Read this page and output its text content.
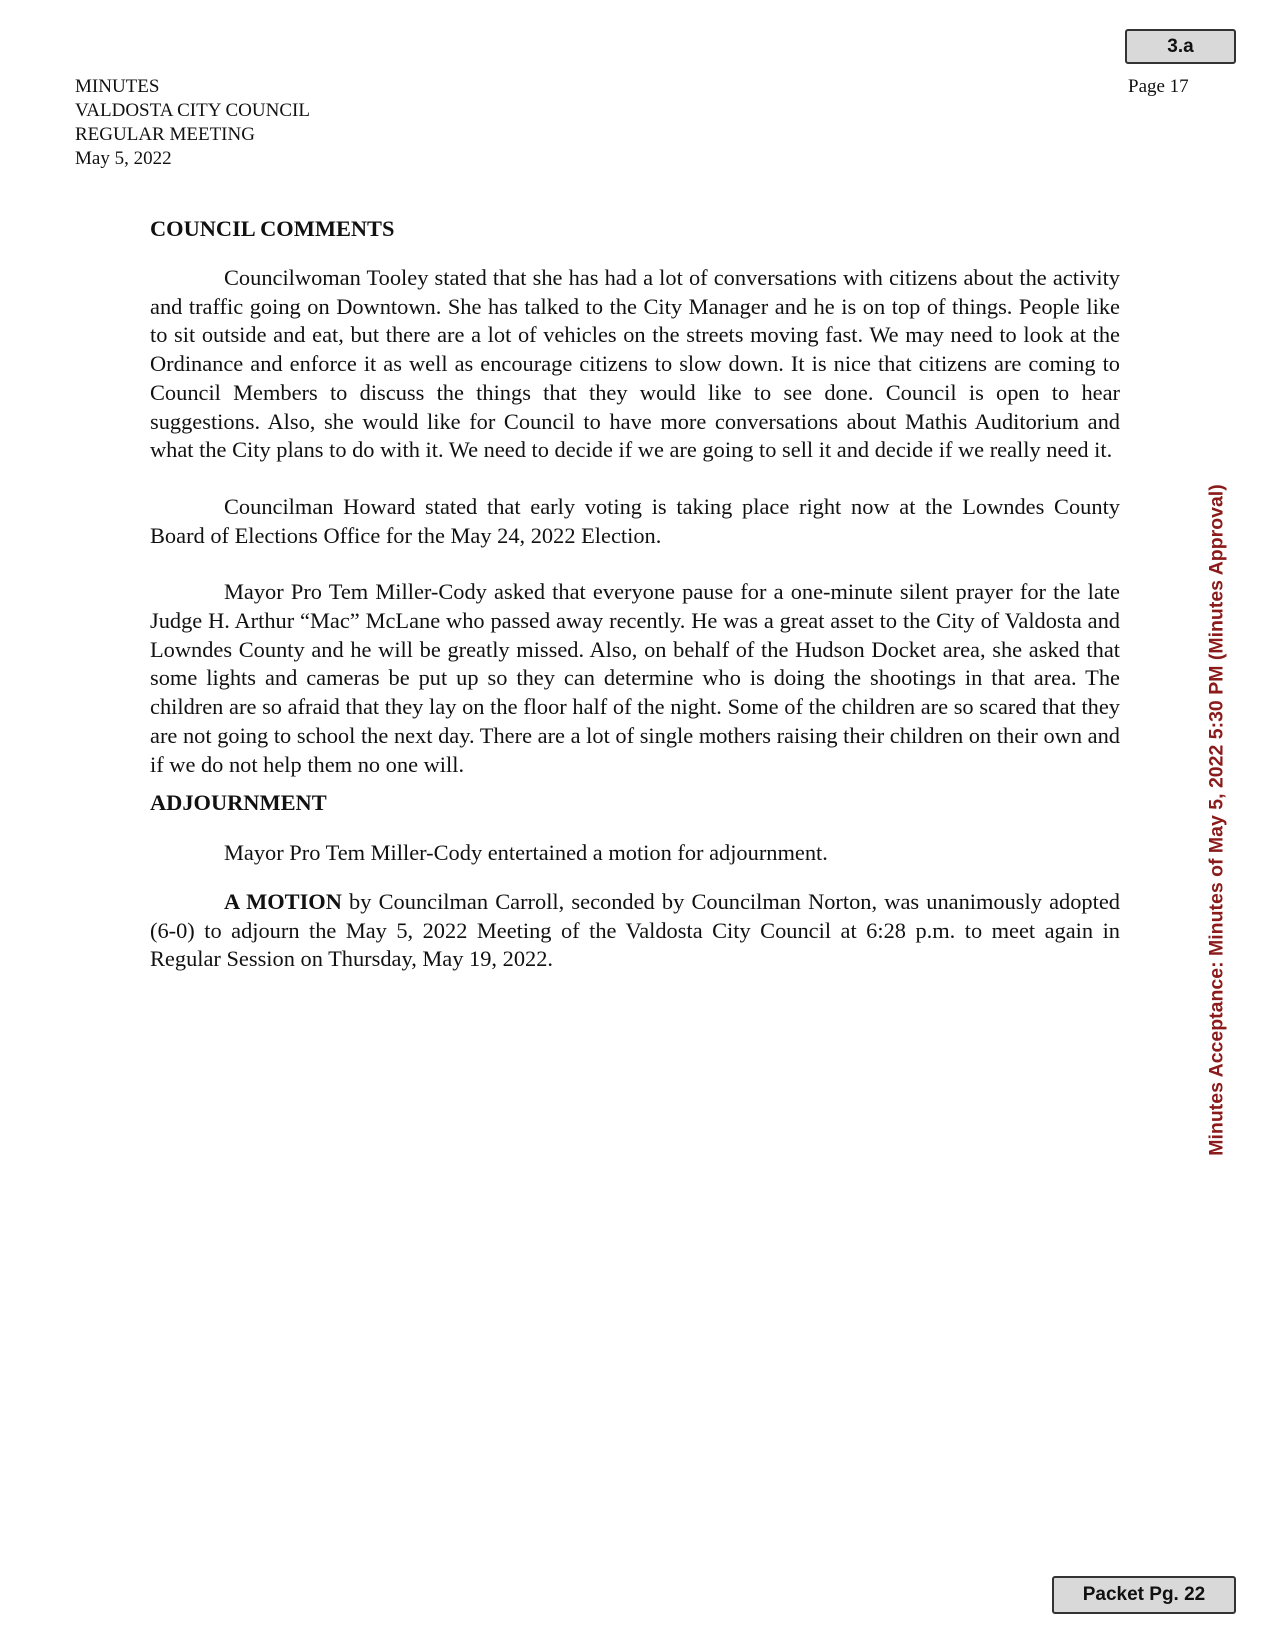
3.a
MINUTES
VALDOSTA CITY COUNCIL
REGULAR MEETING
May 5, 2022
Page 17
COUNCIL COMMENTS

Councilwoman Tooley stated that she has had a lot of conversations with citizens about the activity and traffic going on Downtown. She has talked to the City Manager and he is on top of things. People like to sit outside and eat, but there are a lot of vehicles on the streets moving fast. We may need to look at the Ordinance and enforce it as well as encourage citizens to slow down. It is nice that citizens are coming to Council Members to discuss the things that they would like to see done. Council is open to hear suggestions. Also, she would like for Council to have more conversations about Mathis Auditorium and what the City plans to do with it. We need to decide if we are going to sell it and decide if we really need it.

Councilman Howard stated that early voting is taking place right now at the Lowndes County Board of Elections Office for the May 24, 2022 Election.

Mayor Pro Tem Miller-Cody asked that everyone pause for a one-minute silent prayer for the late Judge H. Arthur “Mac” McLane who passed away recently. He was a great asset to the City of Valdosta and Lowndes County and he will be greatly missed. Also, on behalf of the Hudson Docket area, she asked that some lights and cameras be put up so they can determine who is doing the shootings in that area. The children are so afraid that they lay on the floor half of the night. Some of the children are so scared that they are not going to school the next day. There are a lot of single mothers raising their children on their own and if we do not help them no one will.

ADJOURNMENT

Mayor Pro Tem Miller-Cody entertained a motion for adjournment.

A MOTION by Councilman Carroll, seconded by Councilman Norton, was unanimously adopted (6-0) to adjourn the May 5, 2022 Meeting of the Valdosta City Council at 6:28 p.m. to meet again in Regular Session on Thursday, May 19, 2022.	Minutes Acceptance: Minutes of May 5, 2022 5:30 PM (Minutes Approval)
Packet Pg. 22
